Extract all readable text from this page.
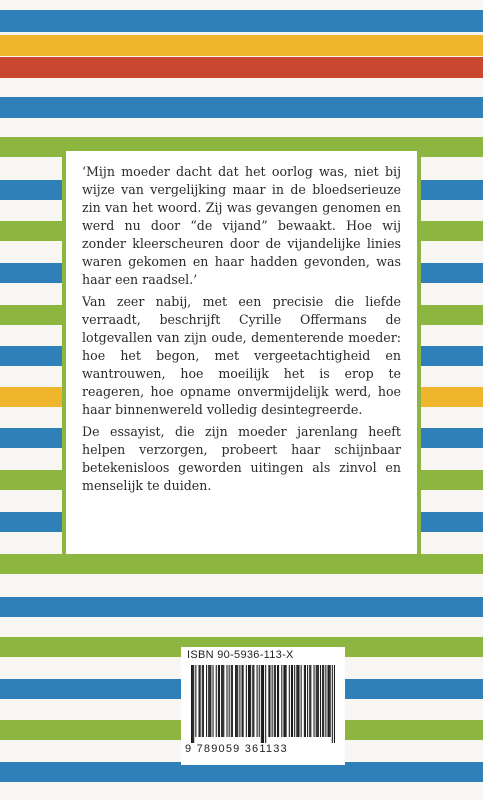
‘Mijn moeder dacht dat het oorlog was, niet bij wijze van vergelijking maar in de bloedserieuze zin van het woord. Zij was gevangen genomen en werd nu door “de vijand” bewaakt. Hoe wij zonder kleerscheuren door de vijandelijke linies waren gekomen en haar hadden gevonden, was haar een raadsel.’

Van zeer nabij, met een precisie die liefde verraadt, beschrijft Cyrille Offermans de lotgevallen van zijn oude, dementerende moeder: hoe het begon, met vergeetachtigheid en wantrouwen, hoe moeilijk het is erop te reageren, hoe opname onvermijdelijk werd, hoe haar binnenwereld volledig desintegreerde.

De essayist, die zijn moeder jarenlang heeft helpen verzorgen, probeert haar schijnbaar betekenisloos geworden uitingen als zinvol en menselijk te duiden.

ISBN 90-5936-113-X
9 789059 361133
